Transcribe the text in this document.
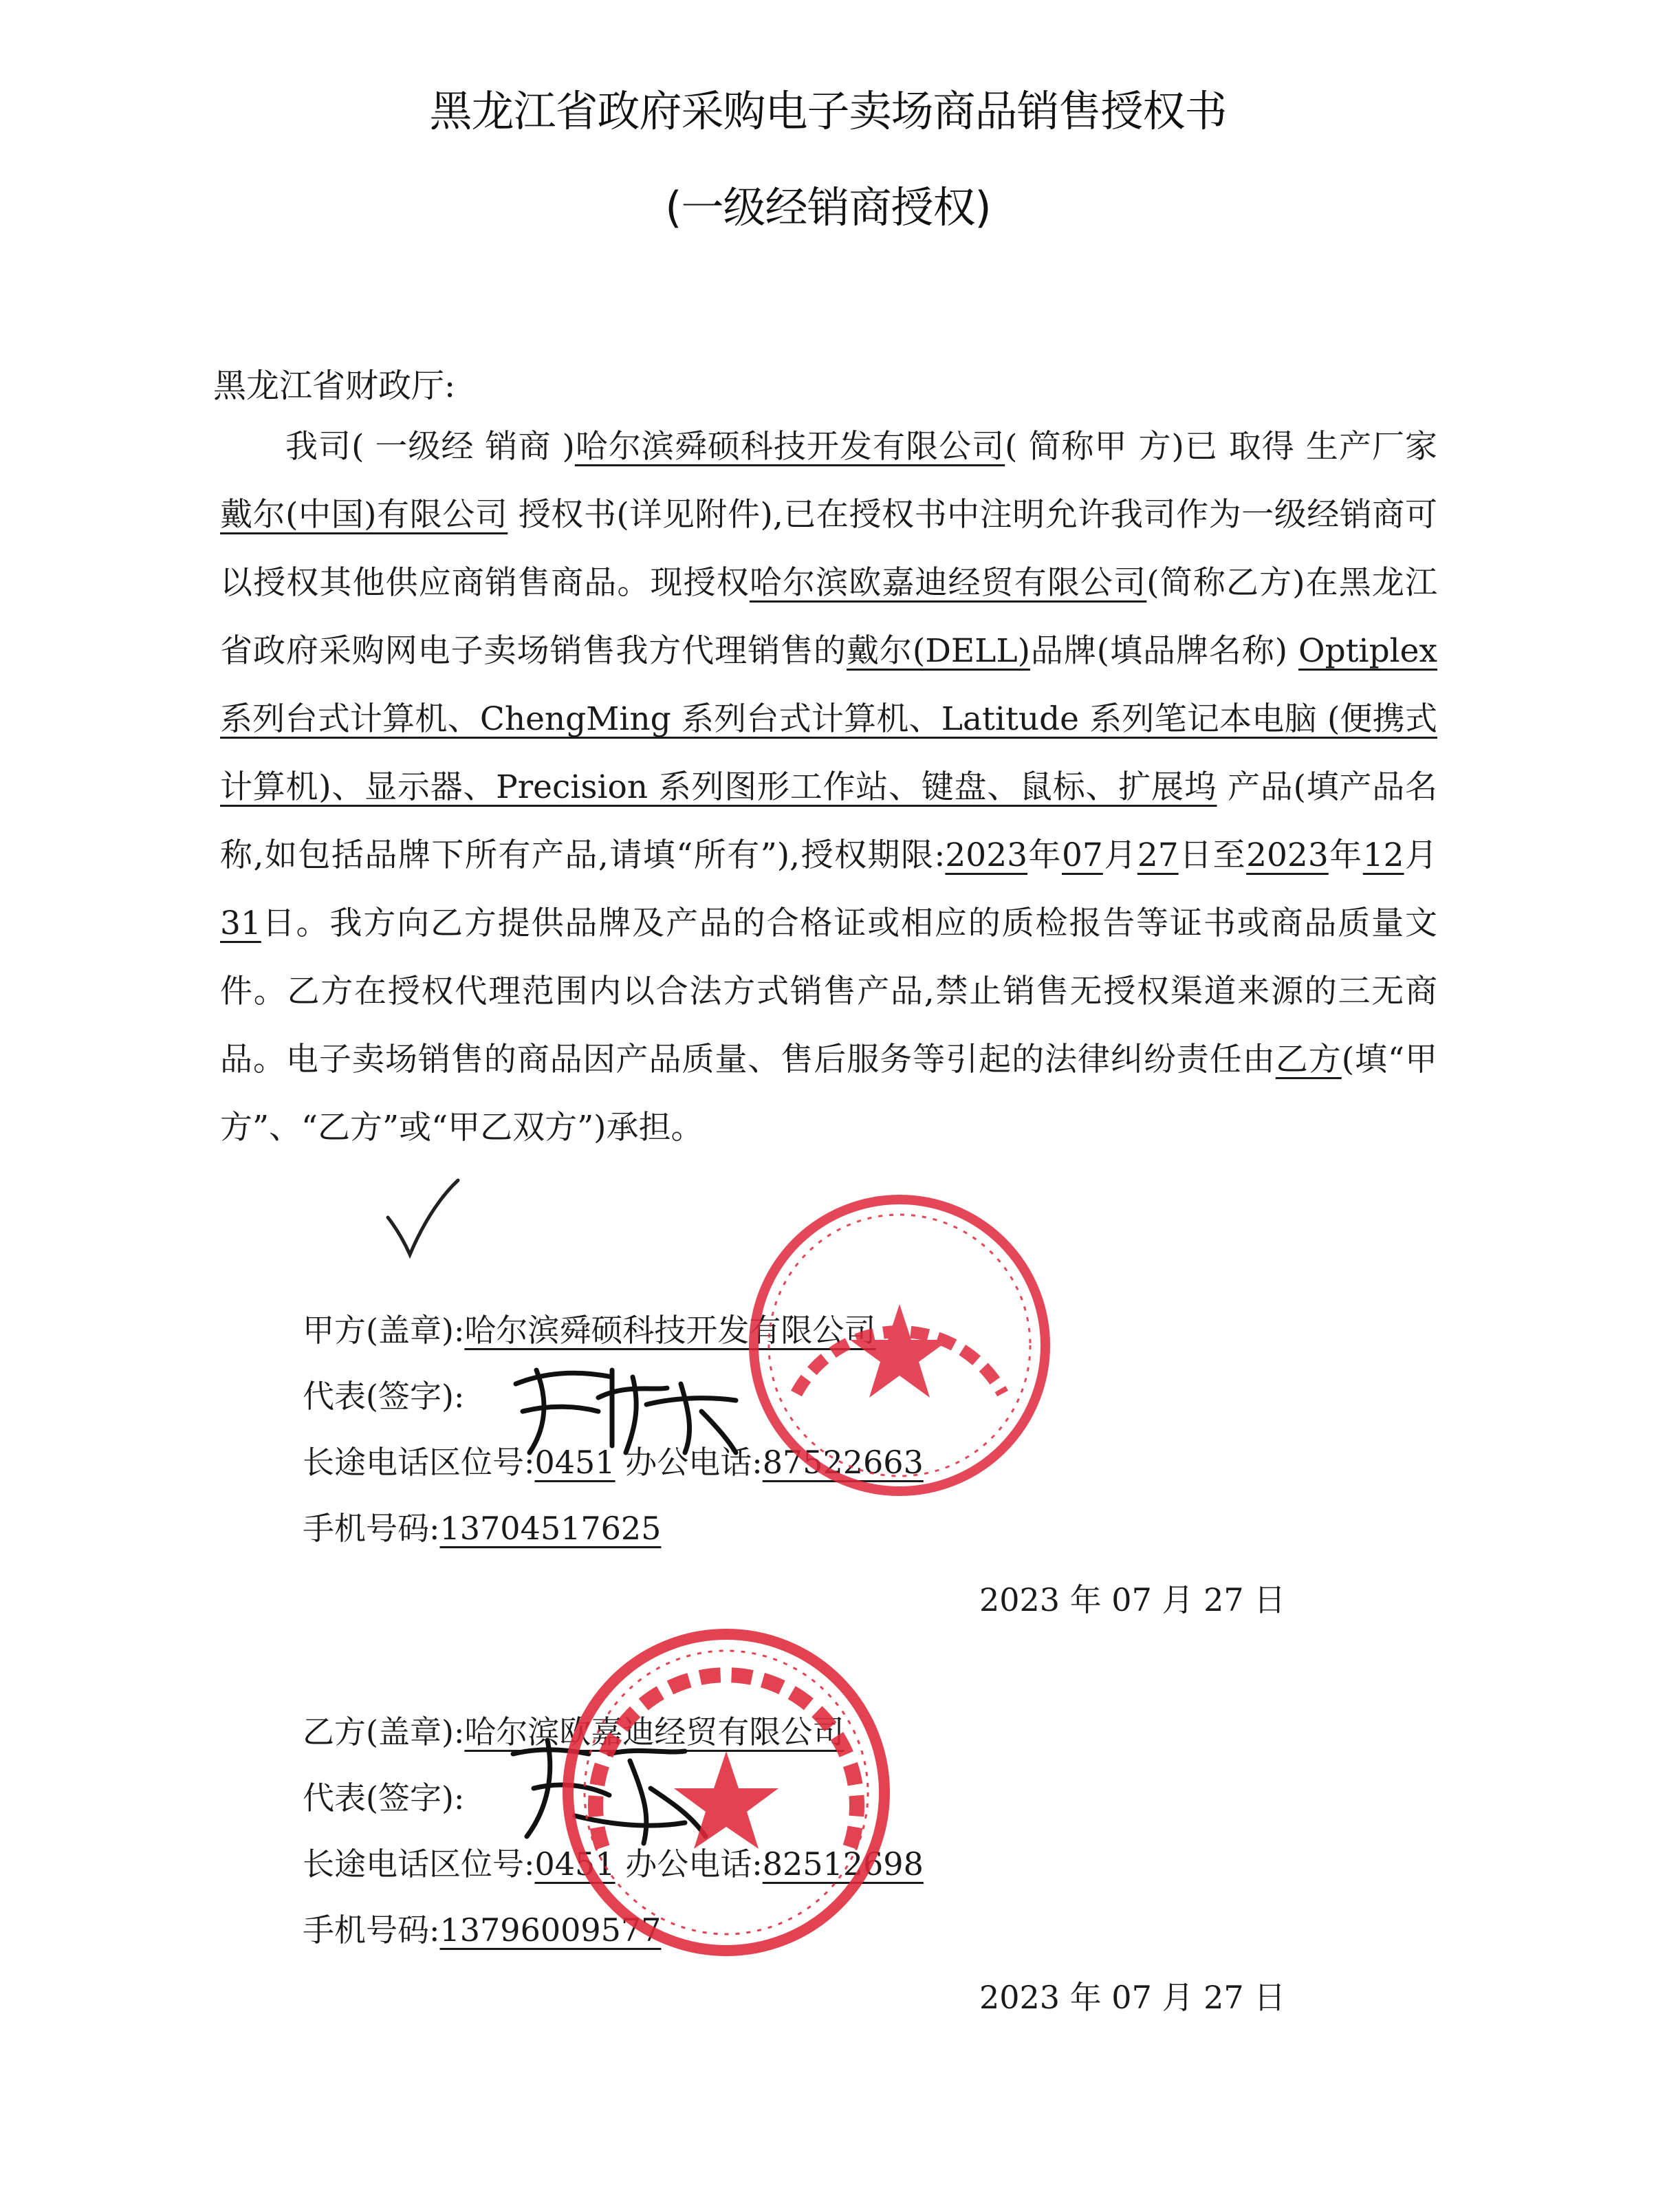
黑龙江省政府采购电子卖场商品销售授权书
(一级经销商授权)
黑龙江省财政厅:
我司( 一级经 销商 )哈尔滨舜硕科技开发有限公司( 简称甲 方)已 取得 生产厂家 戴尔(中国)有限公司 授权书(详见附件),已在授权书中注明允许我司作为一级经销商可以授权其他供应商销售商品。现授权哈尔滨欧嘉迪经贸有限公司(简称乙方)在黑龙江省政府采购网电子卖场销售我方代理销售的戴尔(DELL)品牌(填品牌名称) Optiplex系列台式计算机、ChengMing 系列台式计算机、Latitude 系列笔记本电脑 (便携式计算机)、显示器、Precision 系列图形工作站、键盘、鼠标、扩展坞 产品(填产品名称,如包括品牌下所有产品,请填“所有”),授权期限:2023年07月27日至2023年12月31日。我方向乙方提供品牌及产品的合格证或相应的质检报告等证书或商品质量文件。乙方在授权代理范围内以合法方式销售产品,禁止销售无授权渠道来源的三无商品。电子卖场销售的商品因产品质量、售后服务等引起的法律纠纷责任由乙方(填“甲方”、“乙方”或“甲乙双方”)承担。
甲方(盖章):哈尔滨舜硕科技开发有限公司
代表(签字):
长途电话区位号:0451 办公电话:87522663
手机号码:13704517625
2023 年 07 月 27 日
乙方(盖章):哈尔滨欧嘉迪经贸有限公司
代表(签字):
长途电话区位号:0451 办公电话:82512698
手机号码:13796009577
2023 年 07 月 27 日
